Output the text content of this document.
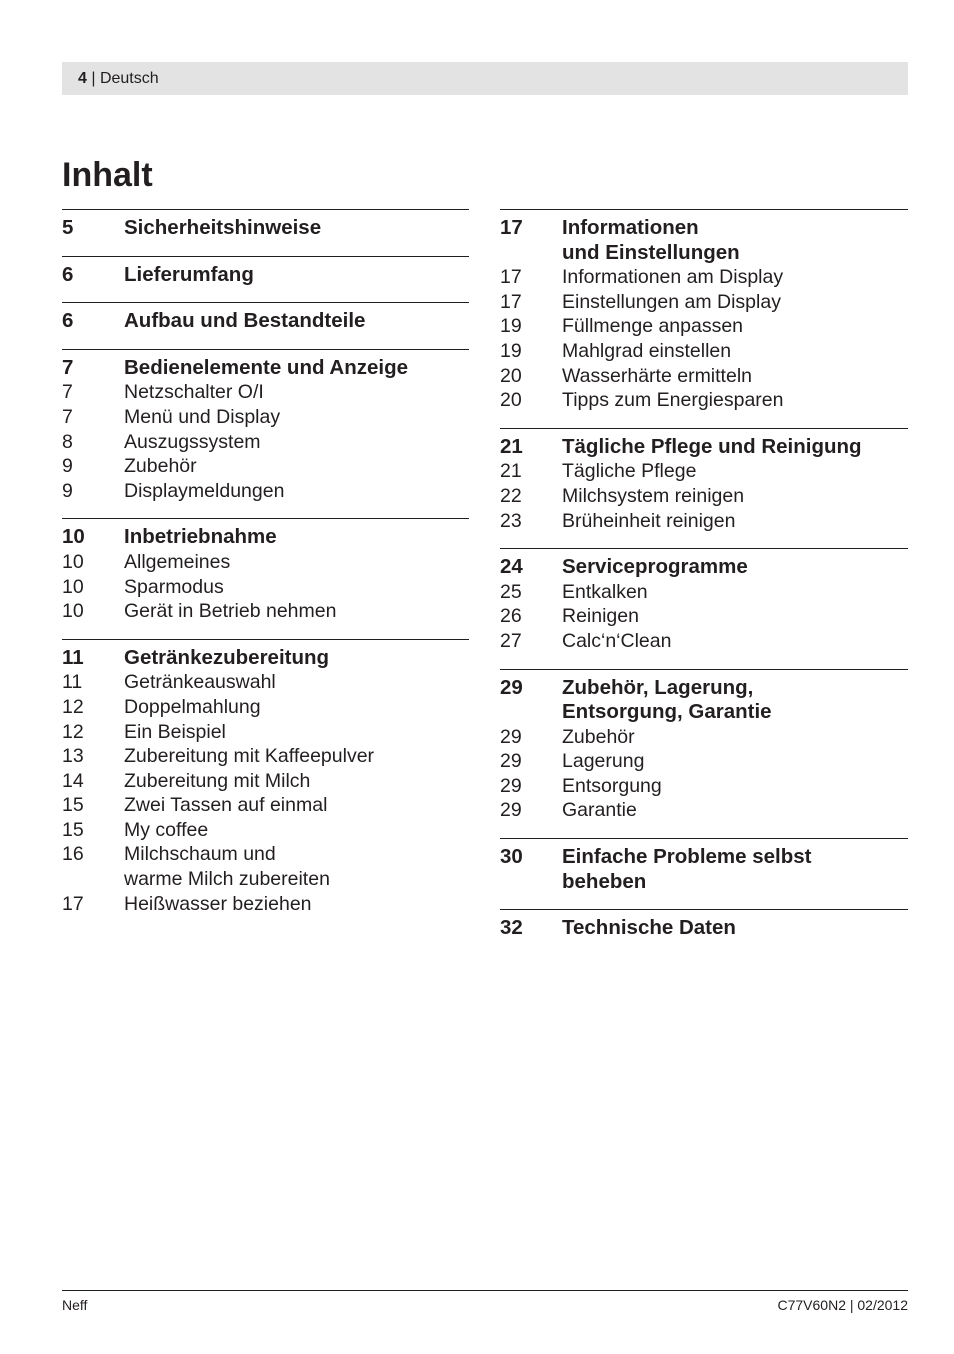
4 | Deutsch
Inhalt
5	Sicherheitshinweise
6	Lieferumfang
6	Aufbau und Bestandteile
7	Bedienelemente und Anzeige
7	Netzschalter O/I
7	Menü und Display
8	Auszugssystem
9	Zubehör
9	Displaymeldungen
10	Inbetriebnahme
10	Allgemeines
10	Sparmodus
10	Gerät in Betrieb nehmen
11	Getränkezubereitung
11	Getränkeauswahl
12	Doppelmahlung
12	Ein Beispiel
13	Zubereitung mit Kaffeepulver
14	Zubereitung mit Milch
15	Zwei Tassen auf einmal
15	My coffee
16	Milchschaum und
warme Milch zubereiten
17	Heißwasser beziehen
17	Informationen
und Einstellungen
17	Informationen am Display
17	Einstellungen am Display
19	Füllmenge anpassen
19	Mahlgrad einstellen
20	Wasserhärte ermitteln
20	Tipps zum Energiesparen
21	Tägliche Pflege und Reinigung
21	Tägliche Pflege
22	Milchsystem reinigen
23	Brüheinheit reinigen
24	Serviceprogramme
25	Entkalken
26	Reinigen
27	Calc‘n‘Clean
29	Zubehör, Lagerung,
Entsorgung, Garantie
29	Zubehör
29	Lagerung
29	Entsorgung
29	Garantie
30	Einfache Probleme selbst
beheben
32	Technische Daten
Neff	C77V60N2 | 02/2012
